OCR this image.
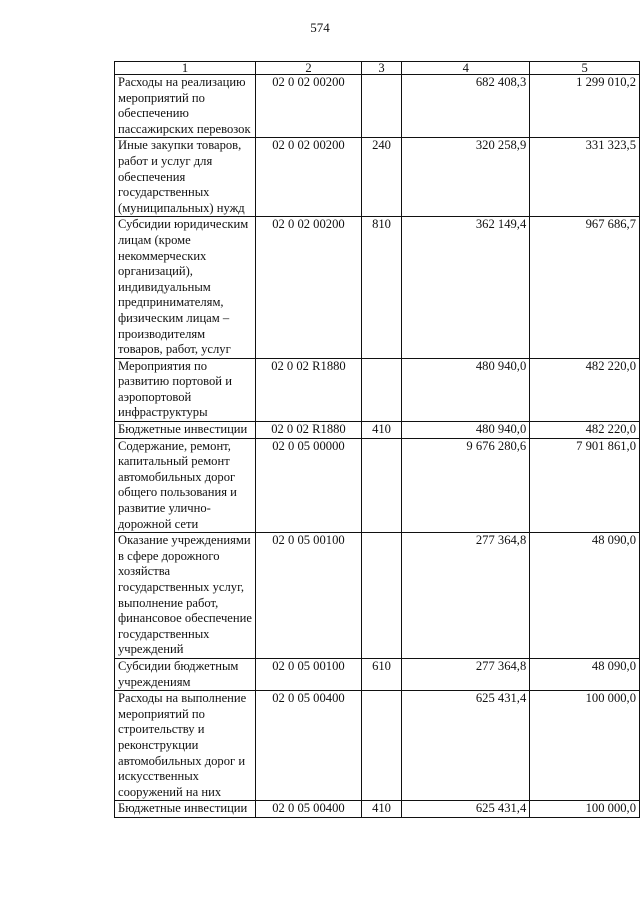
574
1	2	3	4	5
Расходы на реализацию мероприятий по обеспечению пассажирских перевозок	02 0 02 00200		682 408,3	1 299 010,2
Иные закупки товаров, работ и услуг для обеспечения государственных (муниципальных) нужд	02 0 02 00200	240	320 258,9	331 323,5
Субсидии юридическим лицам (кроме некоммерческих организаций), индивидуальным предпринимателям, физическим лицам – производителям товаров, работ, услуг	02 0 02 00200	810	362 149,4	967 686,7
Мероприятия по развитию портовой и аэропортовой инфраструктуры	02 0 02 R1880		480 940,0	482 220,0
Бюджетные инвестиции	02 0 02 R1880	410	480 940,0	482 220,0
Содержание, ремонт, капитальный ремонт автомобильных дорог общего пользования и развитие улично-дорожной сети	02 0 05 00000		9 676 280,6	7 901 861,0
Оказание учреждениями в сфере дорожного хозяйства государственных услуг, выполнение работ, финансовое обеспечение государственных учреждений	02 0 05 00100		277 364,8	48 090,0
Субсидии бюджетным учреждениям	02 0 05 00100	610	277 364,8	48 090,0
Расходы на выполнение мероприятий по строительству и реконструкции автомобильных дорог и искусственных сооружений на них	02 0 05 00400		625 431,4	100 000,0
Бюджетные инвестиции	02 0 05 00400	410	625 431,4	100 000,0
